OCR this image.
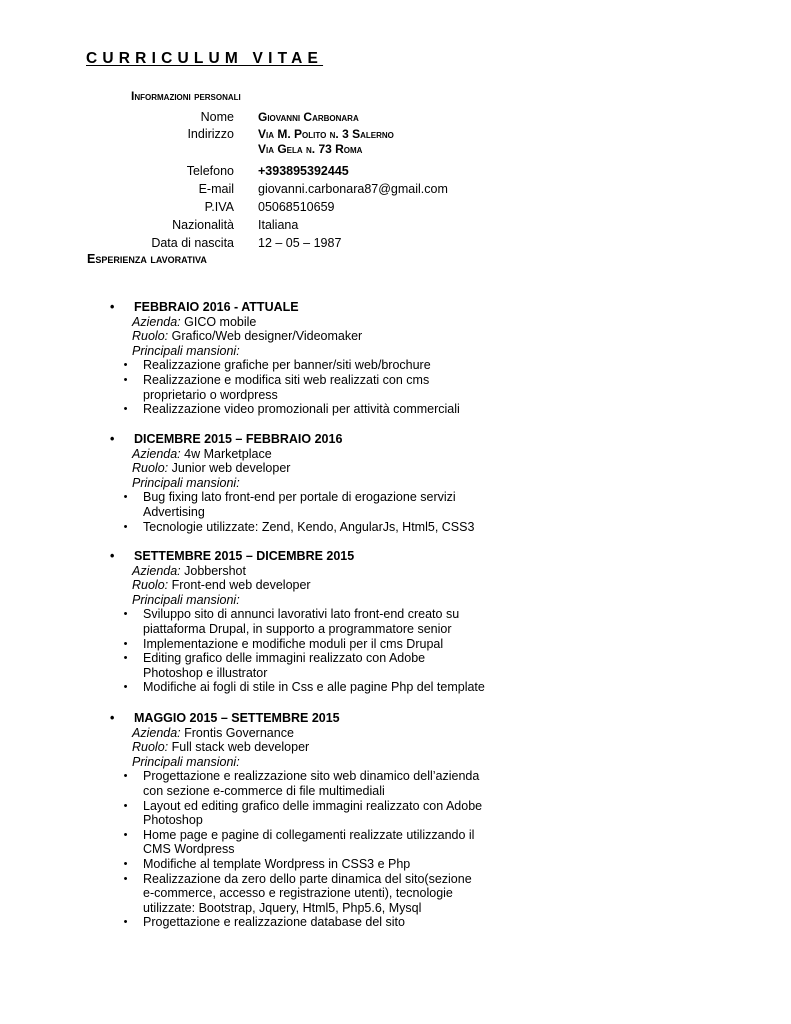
CURRICULUM VITAE
Informazioni personali
Nome	Giovanni Carbonara
Indirizzo	Via M. Polito n. 3 Salerno
Via Gela n. 73 Roma
Telefono	+393895392445
E-mail	giovanni.carbonara87@gmail.com
P.IVA	05068510659
Nazionalità	Italiana
Data di nascita	12 – 05 – 1987
Esperienza lavorativa
•	FEBBRAIO 2016 - ATTUALE
Azienda: GICO mobile
Ruolo: Grafico/Web designer/Videomaker
Principali mansioni:
•	Realizzazione grafiche per banner/siti web/brochure
•	Realizzazione e modifica siti web realizzati con cms
proprietario o wordpress
•	Realizzazione video promozionali per attività commerciali
•	DICEMBRE 2015 – FEBBRAIO 2016
Azienda: 4w Marketplace
Ruolo: Junior web developer
Principali mansioni:
•	Bug fixing lato front-end per portale di erogazione servizi
Advertising
•	Tecnologie utilizzate: Zend, Kendo, AngularJs, Html5, CSS3
•	SETTEMBRE 2015 – DICEMBRE 2015
Azienda: Jobbershot
Ruolo: Front-end web developer
Principali mansioni:
•	Sviluppo sito di annunci lavorativi lato front-end creato su
piattaforma Drupal, in supporto a programmatore senior
•	Implementazione e modifiche moduli per il cms Drupal
•	Editing grafico delle immagini realizzato con Adobe
Photoshop e illustrator
•	Modifiche ai fogli di stile in Css e alle pagine Php del template
•	MAGGIO 2015 – SETTEMBRE 2015
Azienda: Frontis Governance
Ruolo: Full stack web developer
Principali mansioni:
•	Progettazione e realizzazione sito web dinamico dell’azienda
con sezione e-commerce di file multimediali
•	Layout ed editing grafico delle immagini realizzato con Adobe
Photoshop
•	Home page e pagine di collegamenti realizzate utilizzando il
CMS Wordpress
•	Modifiche al template Wordpress in CSS3 e Php
•	Realizzazione da zero dello parte dinamica del sito(sezione
e-commerce, accesso e registrazione utenti), tecnologie
utilizzate: Bootstrap, Jquery, Html5, Php5.6, Mysql
•	Progettazione e realizzazione database del sito
